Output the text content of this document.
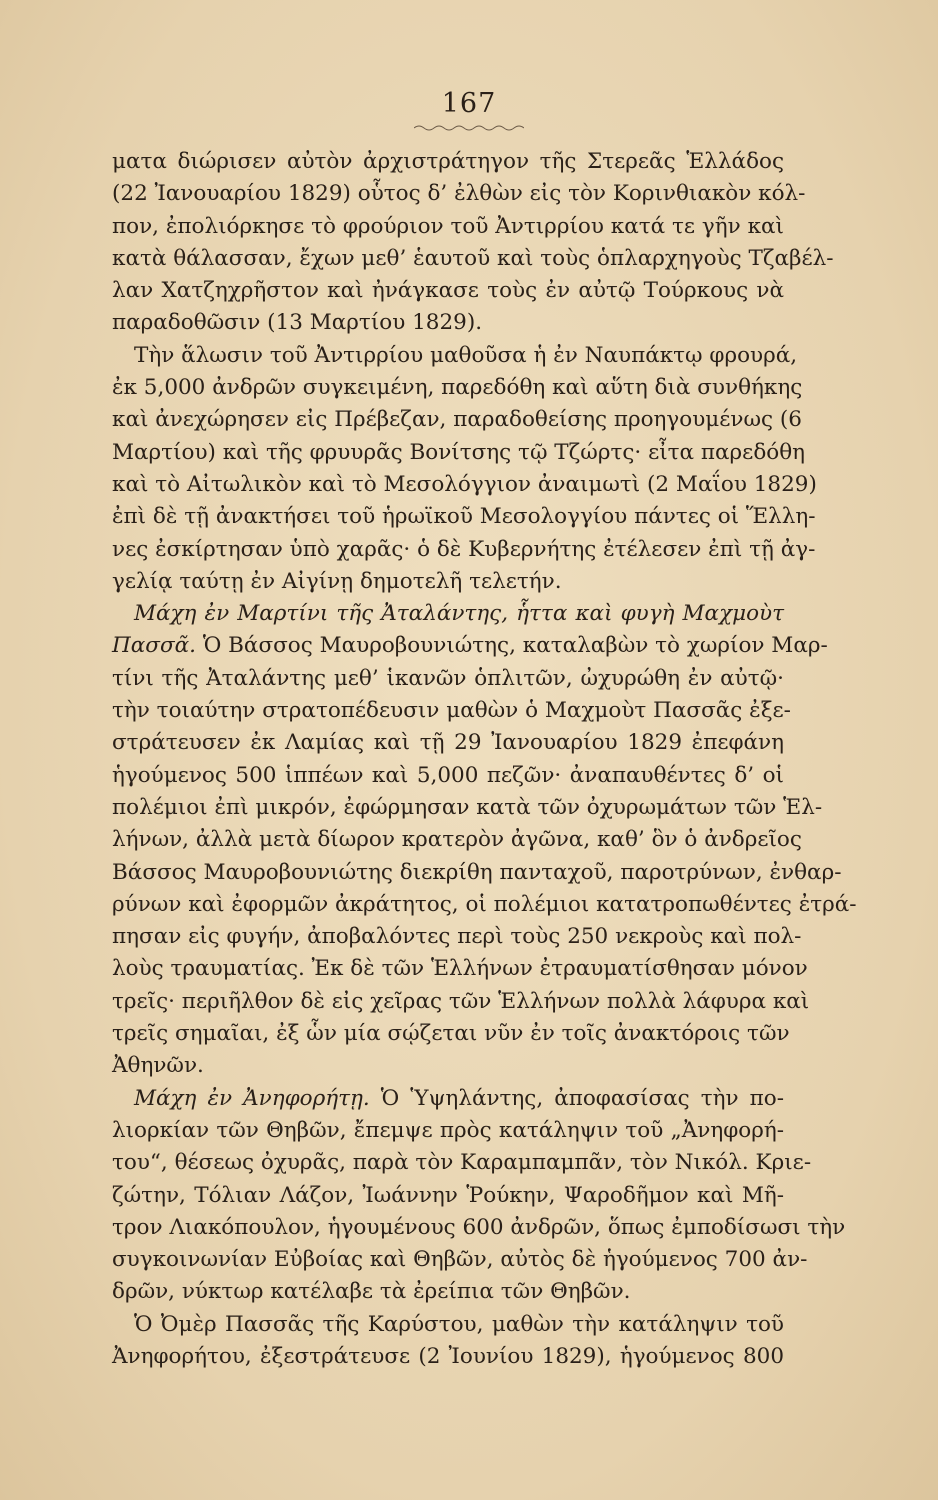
167
ματα διώρισεν αὐτὸν ἀρχιστράτηγον τῆς Στερεᾶς Ἑλλάδος
(22 Ἰανουαρίου 1829) οὗτος δ’ ἐλθὼν εἰς τὸν Κορινθιακὸν κόλ-
πον, ἐπολιόρκησε τὸ φρούριον τοῦ Ἀντιρρίου κατά τε γῆν καὶ
κατὰ θάλασσαν, ἔχων μεθ’ ἑαυτοῦ καὶ τοὺς ὁπλαρχηγοὺς Τζαβέλ-
λαν Χατζηχρῆστον καὶ ἠνάγκασε τοὺς ἐν αὐτῷ Τούρκους νὰ
παραδοθῶσιν (13 Μαρτίου 1829).
Τὴν ἅλωσιν τοῦ Ἀντιρρίου μαθοῦσα ἡ ἐν Ναυπάκτῳ φρουρά,
ἐκ 5,000 ἀνδρῶν συγκειμένη, παρεδόθη καὶ αὕτη διὰ συνθήκης
καὶ ἀνεχώρησεν εἰς Πρέβεζαν, παραδοθείσης προηγουμένως (6
Μαρτίου) καὶ τῆς φρυυρᾶς Βονίτσης τῷ Τζώρτς· εἶτα παρεδόθη
καὶ τὸ Αἰτωλικὸν καὶ τὸ Μεσολόγγιον ἀναιμωτὶ (2 Μαΐου 1829)
ἐπὶ δὲ τῇ ἀνακτήσει τοῦ ἡρωϊκοῦ Μεσολογγίου πάντες οἱ Ἕλλη-
νες ἐσκίρτησαν ὑπὸ χαρᾶς· ὁ δὲ Κυβερνήτης ἐτέλεσεν ἐπὶ τῇ ἀγ-
γελίᾳ ταύτῃ ἐν Αἰγίνῃ δημοτελῆ τελετήν.
Μάχη ἐν Μαρτίνι τῆς Ἀταλάντης, ἧττα καὶ φυγὴ Μαχμοὺτ
Πασσᾶ. Ὁ Βάσσος Μαυροβουνιώτης, καταλαβὼν τὸ χωρίον Μαρ-
τίνι τῆς Ἀταλάντης μεθ’ ἱκανῶν ὁπλιτῶν, ὠχυρώθη ἐν αὐτῷ·
τὴν τοιαύτην στρατοπέδευσιν μαθὼν ὁ Μαχμοὺτ Πασσᾶς ἐξε-
στράτευσεν ἐκ Λαμίας καὶ τῇ 29 Ἰανουαρίου 1829 ἐπεφάνη
ἡγούμενος 500 ἱππέων καὶ 5,000 πεζῶν· ἀναπαυθέντες δ’ οἱ
πολέμιοι ἐπὶ μικρόν, ἐφώρμησαν κατὰ τῶν ὀχυρωμάτων τῶν Ἑλ-
λήνων, ἀλλὰ μετὰ δίωρον κρατερὸν ἀγῶνα, καθ’ ὃν ὁ ἀνδρεῖος
Βάσσος Μαυροβουνιώτης διεκρίθη πανταχοῦ, παροτρύνων, ἐνθαρ-
ρύνων καὶ ἐφορμῶν ἀκράτητος, οἱ πολέμιοι κατατροπωθέντες ἐτρά-
πησαν εἰς φυγήν, ἀποβαλόντες περὶ τοὺς 250 νεκροὺς καὶ πολ-
λοὺς τραυματίας. Ἐκ δὲ τῶν Ἑλλήνων ἐτραυματίσθησαν μόνον
τρεῖς· περιῆλθον δὲ εἰς χεῖρας τῶν Ἑλλήνων πολλὰ λάφυρα καὶ
τρεῖς σημαῖαι, ἐξ ὧν μία σῴζεται νῦν ἐν τοῖς ἀνακτόροις τῶν
Ἀθηνῶν.
Μάχη ἐν Ἀνηφορήτῃ. Ὁ Ὑψηλάντης, ἀποφασίσας τὴν πο-
λιορκίαν τῶν Θηβῶν, ἔπεμψε πρὸς κατάληψιν τοῦ „Ἀνηφορή-
του“, θέσεως ὀχυρᾶς, παρὰ τὸν Καραμπαμπᾶν, τὸν Νικόλ. Κριε-
ζώτην, Τόλιαν Λάζον, Ἰωάννην Ῥούκην, Ψαροδῆμον καὶ Μῆ-
τρον Λιακόπουλον, ἡγουμένους 600 ἀνδρῶν, ὅπως ἐμποδίσωσι τὴν
συγκοινωνίαν Εὐβοίας καὶ Θηβῶν, αὐτὸς δὲ ἡγούμενος 700 ἀν-
δρῶν, νύκτωρ κατέλαβε τὰ ἐρείπια τῶν Θηβῶν.
Ὁ Ὀμὲρ Πασσᾶς τῆς Καρύστου, μαθὼν τὴν κατάληψιν τοῦ
Ἀνηφορήτου, ἐξεστράτευσε (2 Ἰουνίου 1829), ἡγούμενος 800
